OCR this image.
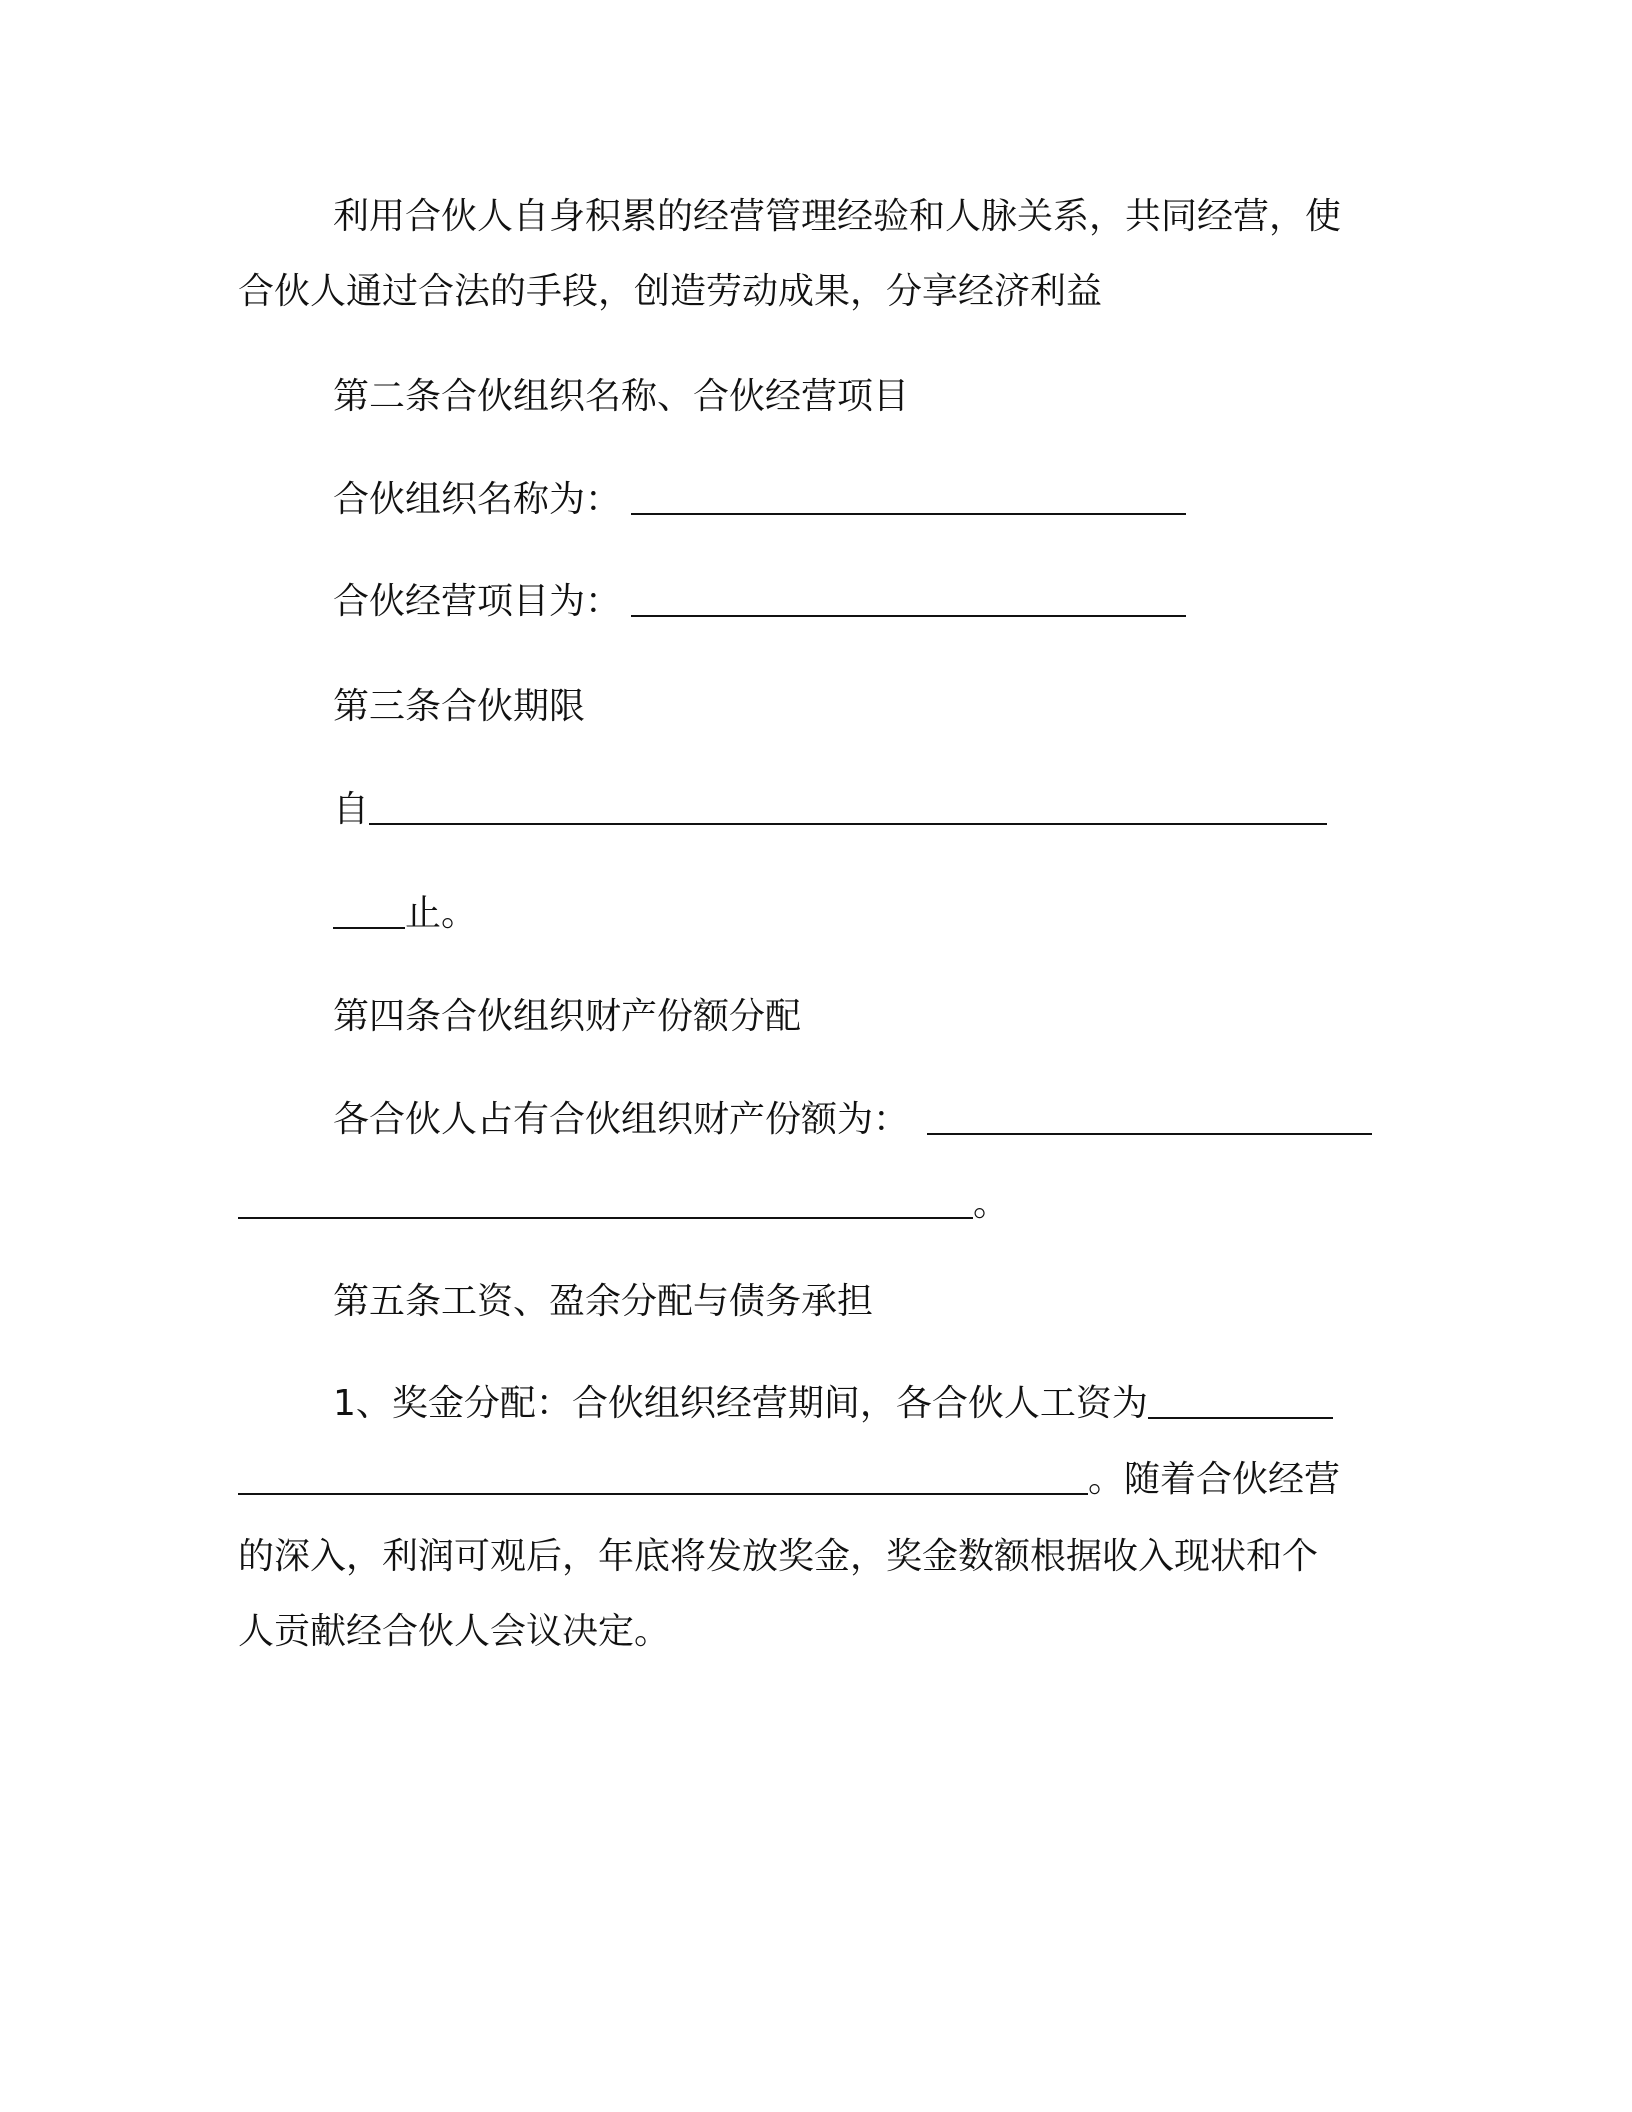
利用合伙人自身积累的经营管理经验和人脉关系，共同经营，使
合伙人通过合法的手段，创造劳动成果，分享经济利益
第二条合伙组织名称、合伙经营项目
合伙组织名称为：
合伙经营项目为：
第三条合伙期限
自
止。
第四条合伙组织财产份额分配
各合伙人占有合伙组织财产份额为：
。
第五条工资、盈余分配与债务承担
1、奖金分配：合伙组织经营期间，各合伙人工资为
。随着合伙经营
的深入，利润可观后，年底将发放奖金，奖金数额根据收入现状和个
人贡献经合伙人会议决定。
